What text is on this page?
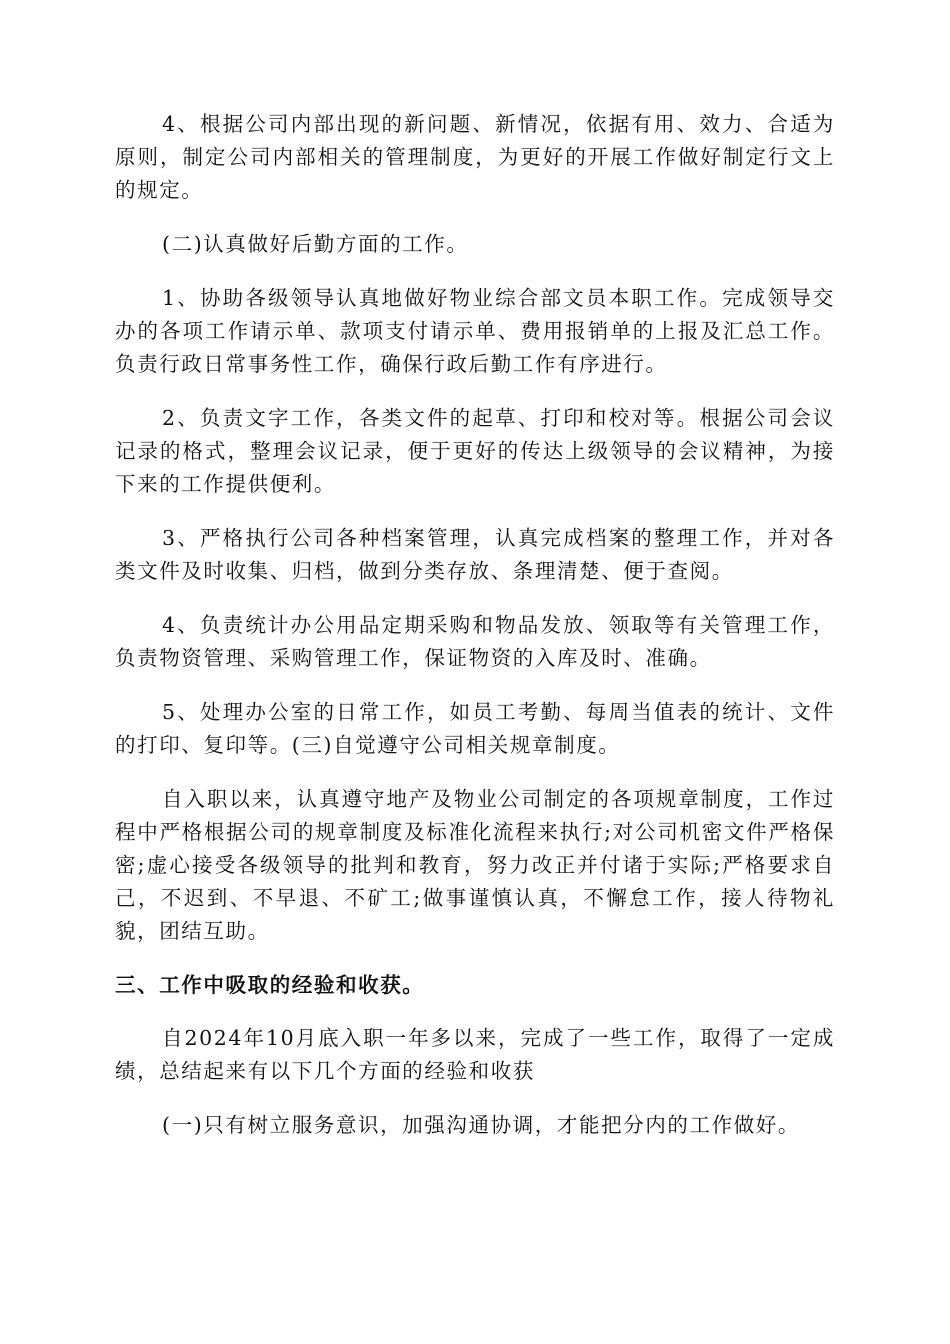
4、根据公司内部出现的新问题、新情况，依据有用、效力、合适为原则，制定公司内部相关的管理制度，为更好的开展工作做好制定行文上的规定。

(二)认真做好后勤方面的工作。

1、协助各级领导认真地做好物业综合部文员本职工作。完成领导交办的各项工作请示单、款项支付请示单、费用报销单的上报及汇总工作。负责行政日常事务性工作，确保行政后勤工作有序进行。

2、负责文字工作，各类文件的起草、打印和校对等。根据公司会议记录的格式，整理会议记录，便于更好的传达上级领导的会议精神，为接下来的工作提供便利。

3、严格执行公司各种档案管理，认真完成档案的整理工作，并对各类文件及时收集、归档，做到分类存放、条理清楚、便于查阅。

4、负责统计办公用品定期采购和物品发放、领取等有关管理工作，负责物资管理、采购管理工作，保证物资的入库及时、准确。

5、处理办公室的日常工作，如员工考勤、每周当值表的统计、文件的打印、复印等。(三)自觉遵守公司相关规章制度。

自入职以来，认真遵守地产及物业公司制定的各项规章制度，工作过程中严格根据公司的规章制度及标准化流程来执行;对公司机密文件严格保密;虚心接受各级领导的批判和教育，努力改正并付诸于实际;严格要求自己，不迟到、不早退、不矿工;做事谨慎认真，不懈怠工作，接人待物礼貌，团结互助。

三、工作中吸取的经验和收获。

自2024年10月底入职一年多以来，完成了一些工作，取得了一定成绩，总结起来有以下几个方面的经验和收获

(一)只有树立服务意识，加强沟通协调，才能把分内的工作做好。
